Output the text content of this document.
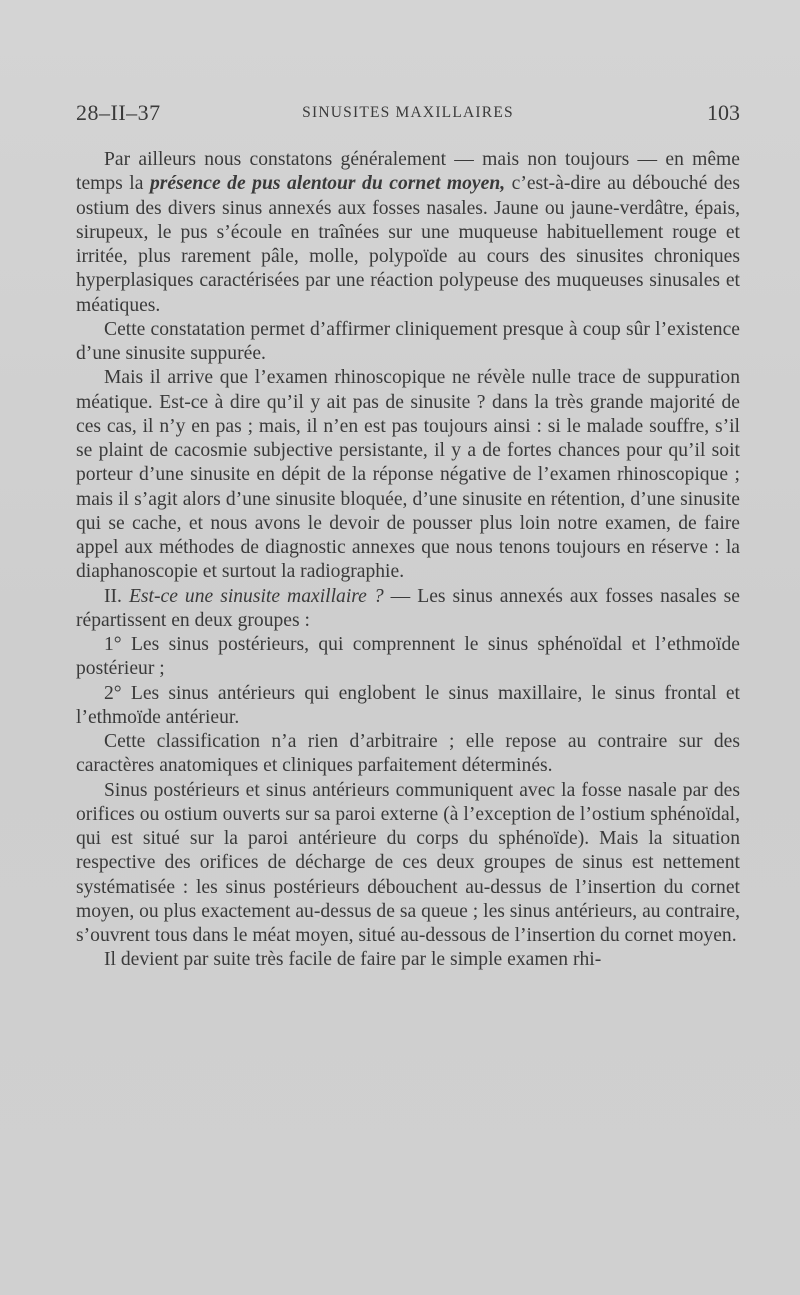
28–II–37	SINUSITES MAXILLAIRES	103

Par ailleurs nous constatons généralement — mais non toujours — en même temps la présence de pus alentour du cornet moyen, c’est-à-dire au débouché des ostium des divers sinus annexés aux fosses nasales. Jaune ou jaune-verdâtre, épais, sirupeux, le pus s’écoule en traînées sur une muqueuse habituellement rouge et irritée, plus rarement pâle, molle, polypoïde au cours des sinusites chroniques hyperplasiques caractérisées par une réaction polypeuse des muqueuses sinusales et méatiques.

Cette constatation permet d’affirmer cliniquement presque à coup sûr l’existence d’une sinusite suppurée.

Mais il arrive que l’examen rhinoscopique ne révèle nulle trace de suppuration méatique. Est-ce à dire qu’il y ait pas de sinusite ? dans la très grande majorité de ces cas, il n’y en pas ; mais, il n’en est pas toujours ainsi : si le malade souffre, s’il se plaint de cacosmie subjective persistante, il y a de fortes chances pour qu’il soit porteur d’une sinusite en dépit de la réponse négative de l’examen rhinoscopique ; mais il s’agit alors d’une sinusite bloquée, d’une sinusite en rétention, d’une sinusite qui se cache, et nous avons le devoir de pousser plus loin notre examen, de faire appel aux méthodes de diagnostic annexes que nous tenons toujours en réserve : la diaphanoscopie et surtout la radiographie.

II. Est-ce une sinusite maxillaire ? — Les sinus annexés aux fosses nasales se répartissent en deux groupes :

1° Les sinus postérieurs, qui comprennent le sinus sphénoïdal et l’ethmoïde postérieur ;

2° Les sinus antérieurs qui englobent le sinus maxillaire, le sinus frontal et l’ethmoïde antérieur.

Cette classification n’a rien d’arbitraire ; elle repose au contraire sur des caractères anatomiques et cliniques parfaitement déterminés.

Sinus postérieurs et sinus antérieurs communiquent avec la fosse nasale par des orifices ou ostium ouverts sur sa paroi externe (à l’exception de l’ostium sphénoïdal, qui est situé sur la paroi antérieure du corps du sphénoïde). Mais la situation respective des orifices de décharge de ces deux groupes de sinus est nettement systématisée : les sinus postérieurs débouchent au-dessus de l’insertion du cornet moyen, ou plus exactement au-dessus de sa queue ; les sinus antérieurs, au contraire, s’ouvrent tous dans le méat moyen, situé au-dessous de l’insertion du cornet moyen.

Il devient par suite très facile de faire par le simple examen rhi-
